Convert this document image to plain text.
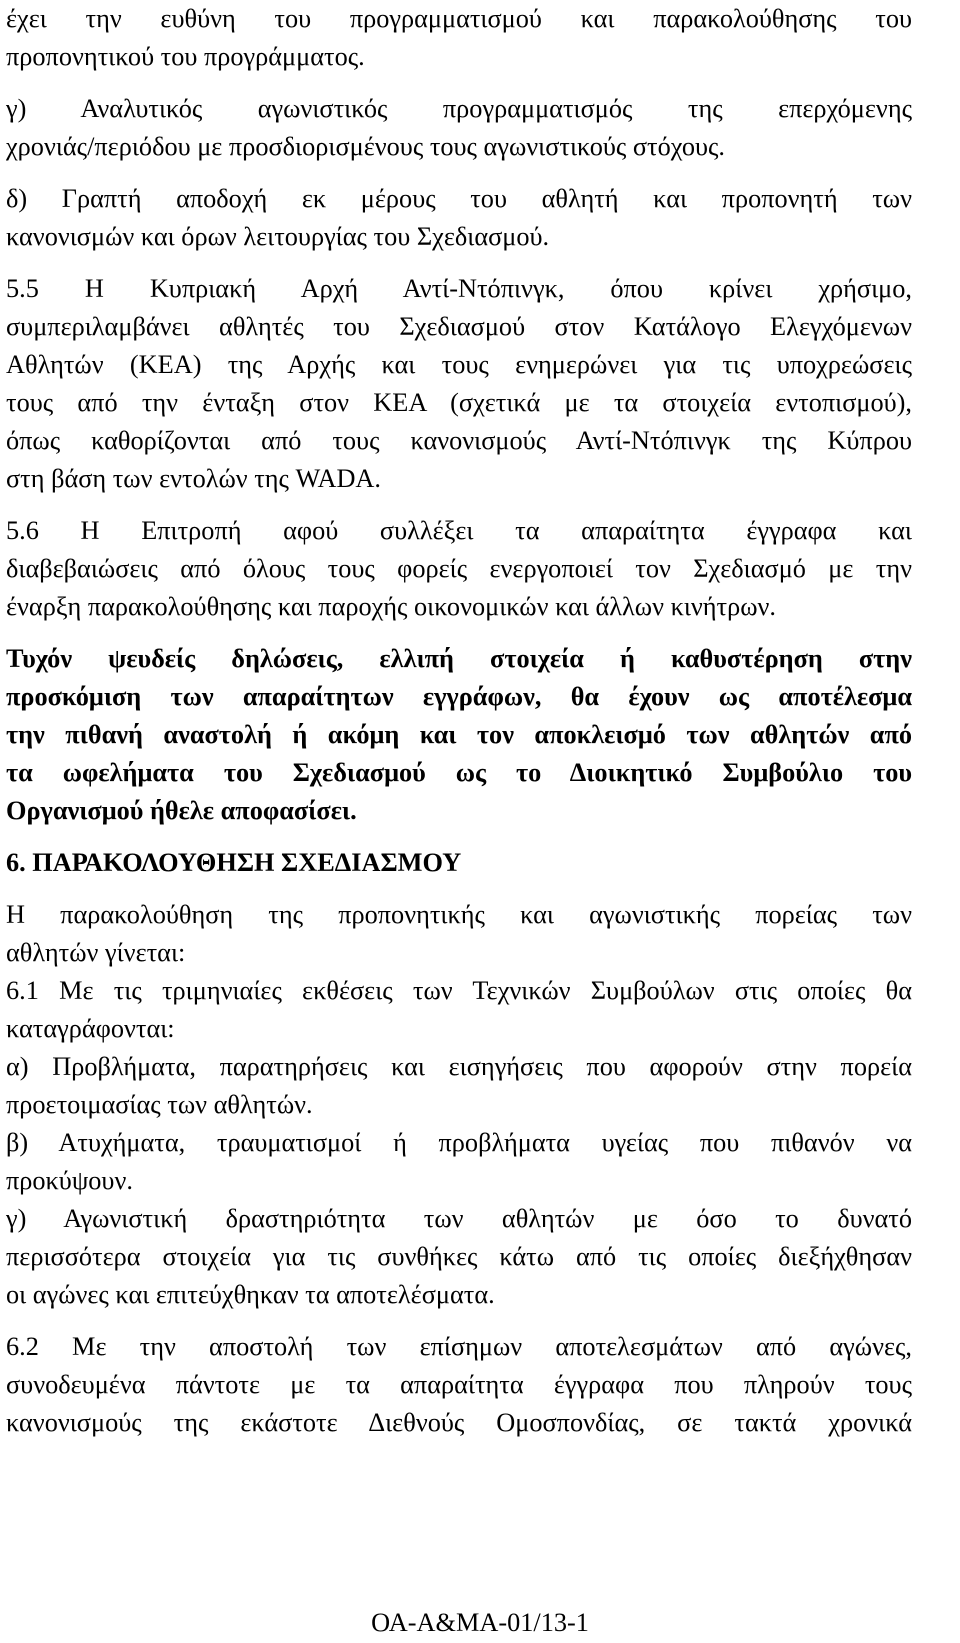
έχει την ευθύνη του προγραμματισμού και παρακολούθησης του

προπονητικού του προγράμματος.

γ) Αναλυτικός αγωνιστικός προγραμματισμός της επερχόμενης

χρονιάς/περιόδου με προσδιορισμένους τους αγωνιστικούς στόχους.

δ) Γραπτή αποδοχή εκ μέρους του αθλητή και προπονητή των

κανονισμών και όρων λειτουργίας του Σχεδιασμού.

5.5 Η Κυπριακή Αρχή Αντί-Ντόπινγκ, όπου κρίνει χρήσιμο,

συμπεριλαμβάνει αθλητές του Σχεδιασμού στον Κατάλογο Ελεγχόμενων

Αθλητών (ΚΕΑ) της Αρχής και τους ενημερώνει για τις υποχρεώσεις

τους από την ένταξη στον ΚΕΑ (σχετικά με τα στοιχεία εντοπισμού),

όπως καθορίζονται από τους κανονισμούς Αντί-Ντόπινγκ της Κύπρου

στη βάση των εντολών της WADA.

5.6 Η Επιτροπή αφού συλλέξει τα απαραίτητα έγγραφα και

διαβεβαιώσεις από όλους τους φορείς ενεργοποιεί τον Σχεδιασμό με την

έναρξη παρακολούθησης και παροχής οικονομικών και άλλων κινήτρων.

Τυχόν ψευδείς δηλώσεις, ελλιπή στοιχεία ή καθυστέρηση στην

προσκόμιση των απαραίτητων εγγράφων, θα έχουν ως αποτέλεσμα

την πιθανή αναστολή ή ακόμη και τον αποκλεισμό των αθλητών από

τα ωφελήματα του Σχεδιασμού ως το Διοικητικό Συμβούλιο του

Οργανισμού ήθελε αποφασίσει.

6. ΠΑΡΑΚΟΛΟΥΘΗΣΗ ΣΧΕΔΙΑΣΜΟΥ

Η παρακολούθηση της προπονητικής και αγωνιστικής πορείας των

αθλητών γίνεται:

6.1 Με τις τριμηνιαίες εκθέσεις των Τεχνικών Συμβούλων στις οποίες θα

καταγράφονται:

α) Προβλήματα, παρατηρήσεις και εισηγήσεις που αφορούν στην πορεία

προετοιμασίας των αθλητών.

β) Ατυχήματα, τραυματισμοί ή προβλήματα υγείας που πιθανόν να

προκύψουν.

γ) Αγωνιστική δραστηριότητα των αθλητών με όσο το δυνατό

περισσότερα στοιχεία για τις συνθήκες κάτω από τις οποίες διεξήχθησαν

οι αγώνες και επιτεύχθηκαν τα αποτελέσματα.

6.2 Με την αποστολή των επίσημων αποτελεσμάτων από αγώνες,

συνοδευμένα πάντοτε με τα απαραίτητα έγγραφα που πληρούν τους

κανονισμούς της εκάστοτε Διεθνούς Ομοσπονδίας, σε τακτά χρονικά

ΟΑ-Α&ΜΑ-01/13-1
